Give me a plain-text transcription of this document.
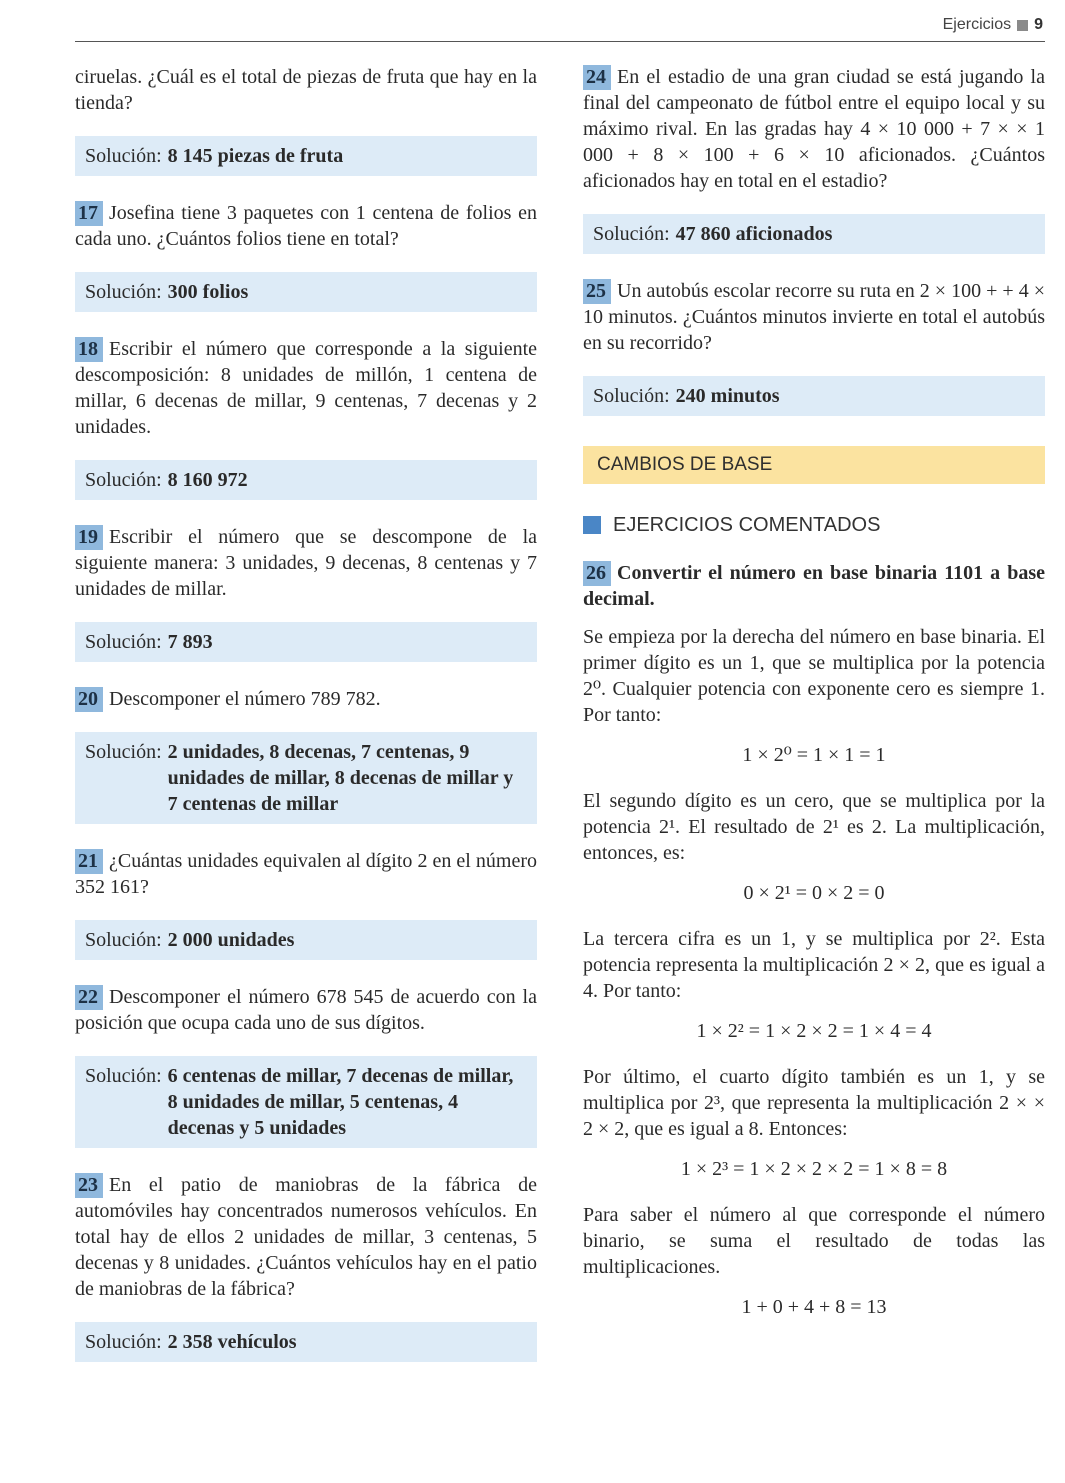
Ejercicios 9

ciruelas. ¿Cuál es el total de piezas de fruta que hay en la tienda?

Solución: 8 145 piezas de fruta

17 Josefina tiene 3 paquetes con 1 centena de folios en cada uno. ¿Cuántos folios tiene en total?

Solución: 300 folios

18 Escribir el número que corresponde a la siguiente descomposición: 8 unidades de millón, 1 centena de millar, 6 decenas de millar, 9 centenas, 7 decenas y 2 unidades.

Solución: 8 160 972

19 Escribir el número que se descompone de la siguiente manera: 3 unidades, 9 decenas, 8 centenas y 7 unidades de millar.

Solución: 7 893

20 Descomponer el número 789 782.

Solución: 2 unidades, 8 decenas, 7 centenas, 9 unidades de millar, 8 decenas de millar y 7 centenas de millar

21 ¿Cuántas unidades equivalen al dígito 2 en el número 352 161?

Solución: 2 000 unidades

22 Descomponer el número 678 545 de acuerdo con la posición que ocupa cada uno de sus dígitos.

Solución: 6 centenas de millar, 7 decenas de millar, 8 unidades de millar, 5 centenas, 4 decenas y 5 unidades

23 En el patio de maniobras de la fábrica de automóviles hay concentrados numerosos vehículos. En total hay de ellos 2 unidades de millar, 3 centenas, 5 decenas y 8 unidades. ¿Cuántos vehículos hay en el patio de maniobras de la fábrica?

Solución: 2 358 vehículos

24 En el estadio de una gran ciudad se está jugando la final del campeonato de fútbol entre el equipo local y su máximo rival. En las gradas hay 4 × 10 000 + 7 × × 1 000 + 8 × 100 + 6 × 10 aficionados. ¿Cuántos aficionados hay en total en el estadio?

Solución: 47 860 aficionados

25 Un autobús escolar recorre su ruta en 2 × 100 + + 4 × 10 minutos. ¿Cuántos minutos invierte en total el autobús en su recorrido?

Solución: 240 minutos
CAMBIOS DE BASE
EJERCICIOS COMENTADOS

26 Convertir el número en base binaria 1101 a base decimal.

Se empieza por la derecha del número en base binaria. El primer dígito es un 1, que se multiplica por la potencia 2⁰. Cualquier potencia con exponente cero es siempre 1. Por tanto:

1 × 2⁰ = 1 × 1 = 1

El segundo dígito es un cero, que se multiplica por la potencia 2¹. El resultado de 2¹ es 2. La multiplicación, entonces, es:

0 × 2¹ = 0 × 2 = 0

La tercera cifra es un 1, y se multiplica por 2². Esta potencia representa la multiplicación 2 × 2, que es igual a 4. Por tanto:

1 × 2² = 1 × 2 × 2 = 1 × 4 = 4

Por último, el cuarto dígito también es un 1, y se multiplica por 2³, que representa la multiplicación 2 × × 2 × 2, que es igual a 8. Entonces:

1 × 2³ = 1 × 2 × 2 × 2 = 1 × 8 = 8

Para saber el número al que corresponde el número binario, se suma el resultado de todas las multiplicaciones.

1 + 0 + 4 + 8 = 13
